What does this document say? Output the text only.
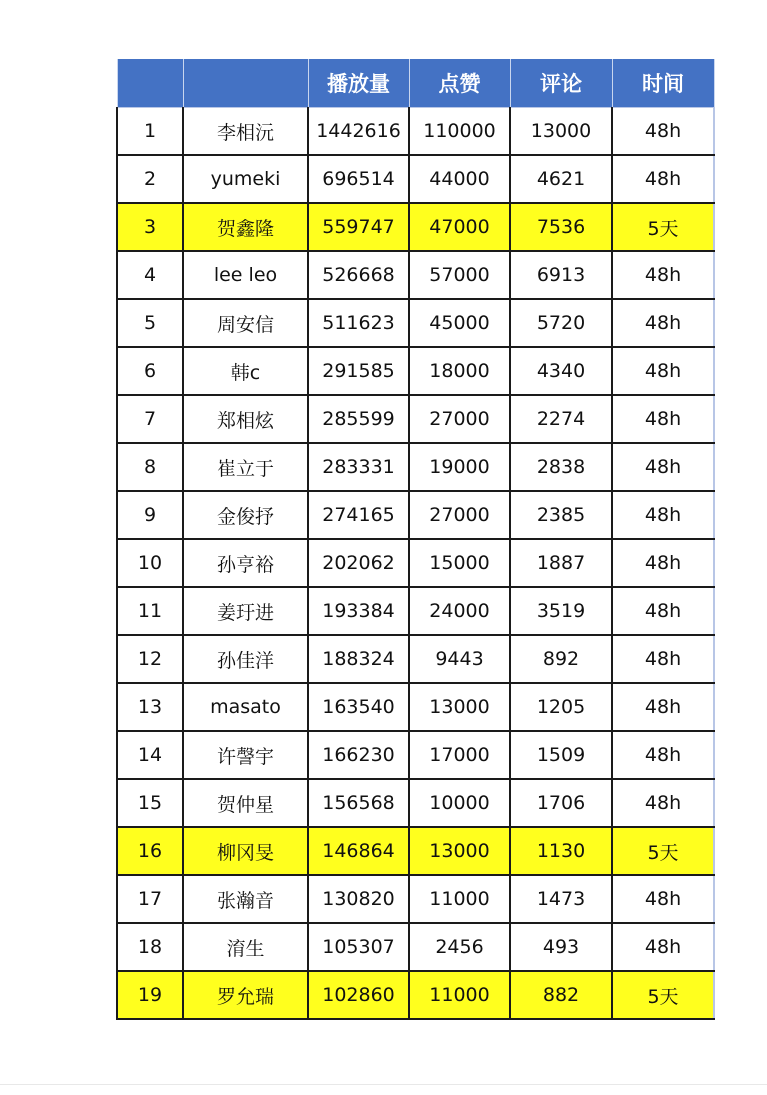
		播放量	点赞	评论	时间
1	李相沅	1442616	110000	13000	48h
2	yumeki	696514	44000	4621	48h
3	贺鑫隆	559747	47000	7536	5天
4	lee leo	526668	57000	6913	48h
5	周安信	511623	45000	5720	48h
6	韩c	291585	18000	4340	48h
7	郑相炫	285599	27000	2274	48h
8	崔立于	283331	19000	2838	48h
9	金俊抒	274165	27000	2385	48h
10	孙亨裕	202062	15000	1887	48h
11	姜玗进	193384	24000	3519	48h
12	孙佳洋	188324	9443	892	48h
13	masato	163540	13000	1205	48h
14	许謦宇	166230	17000	1509	48h
15	贺仲星	156568	10000	1706	48h
16	柳冈旻	146864	13000	1130	5天
17	张瀚音	130820	11000	1473	48h
18	淯生	105307	2456	493	48h
19	罗允瑞	102860	11000	882	5天
